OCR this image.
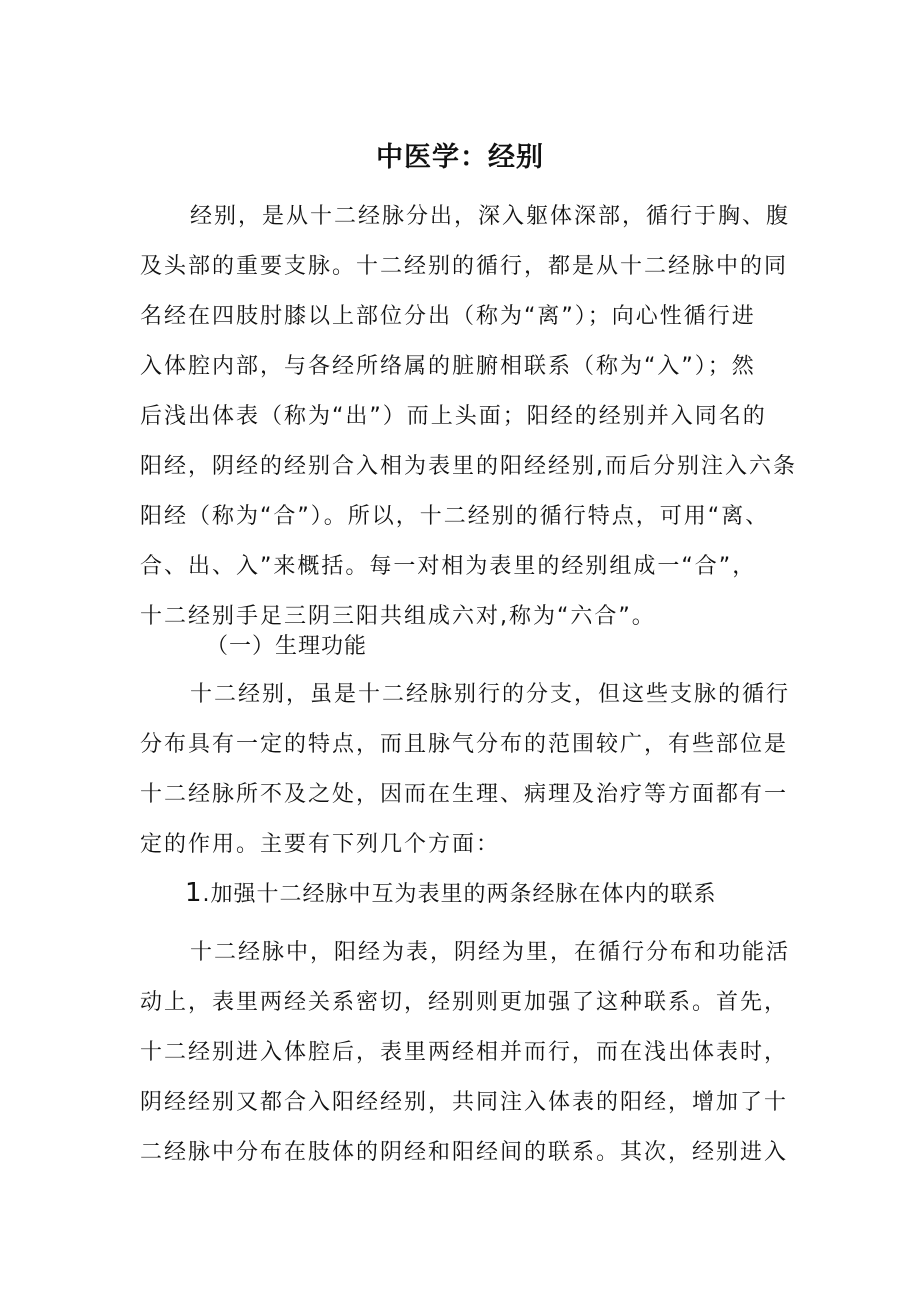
中医学：经别
经别，是从十二经脉分出，深入躯体深部，循行于胸、腹
及头部的重要支脉。十二经别的循行，都是从十二经脉中的同
名经在四肢肘膝以上部位分出（称为“离”）；向心性循行进
入体腔内部，与各经所络属的脏腑相联系（称为“入”）；然
后浅出体表（称为“出”）而上头面；阳经的经别并入同名的
阳经，阴经的经别合入相为表里的阳经经别,而后分别注入六条
阳经（称为“合”）。所以，十二经别的循行特点，可用“离、
合、出、入”来概括。每一对相为表里的经别组成一“合”，
十二经别手足三阴三阳共组成六对,称为“六合”。
（一）生理功能
十二经别，虽是十二经脉别行的分支，但这些支脉的循行
分布具有一定的特点，而且脉气分布的范围较广，有些部位是
十二经脉所不及之处，因而在生理、病理及治疗等方面都有一
定的作用。主要有下列几个方面：
1.加强十二经脉中互为表里的两条经脉在体内的联系
十二经脉中，阳经为表，阴经为里，在循行分布和功能活
动上，表里两经关系密切，经别则更加强了这种联系。首先，
十二经别进入体腔后，表里两经相并而行，而在浅出体表时，
阴经经别又都合入阳经经别，共同注入体表的阳经，增加了十
二经脉中分布在肢体的阴经和阳经间的联系。其次，经别进入
